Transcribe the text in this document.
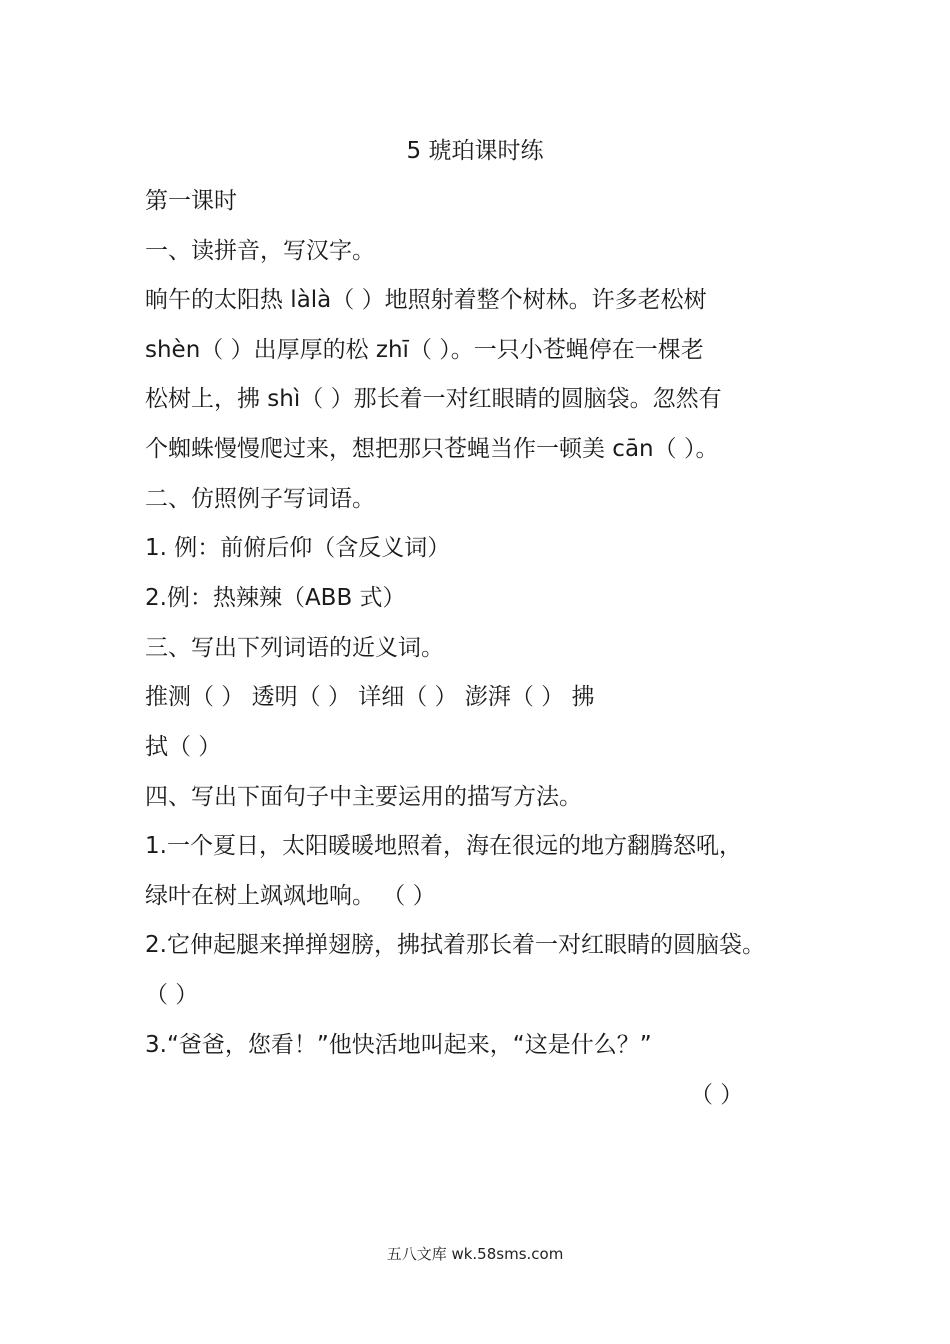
5 琥珀课时练
第一课时
一、读拼音，写汉字。
晌午的太阳热 làlà（ ）地照射着整个树林。许多老松树
shèn（ ）出厚厚的松 zhī（ ）。一只小苍蝇停在一棵老
松树上，拂 shì（ ）那长着一对红眼睛的圆脑袋。忽然有
个蜘蛛慢慢爬过来，想把那只苍蝇当作一顿美 cān（ ）。
二、仿照例子写词语。
1. 例：前俯后仰（含反义词）
2.例：热辣辣（ABB 式）
三、写出下列词语的近义词。
推测（ ） 透明（ ） 详细（ ） 澎湃（ ） 拂
拭（ ）
四、写出下面句子中主要运用的描写方法。
1.一个夏日，太阳暖暖地照着，海在很远的地方翻腾怒吼，
绿叶在树上飒飒地响。 （ ）
2.它伸起腿来掸掸翅膀，拂拭着那长着一对红眼睛的圆脑袋。
（ ）
3.“爸爸，您看！”他快活地叫起来，“这是什么？”
（ ）
五八文库 wk.58sms.com
